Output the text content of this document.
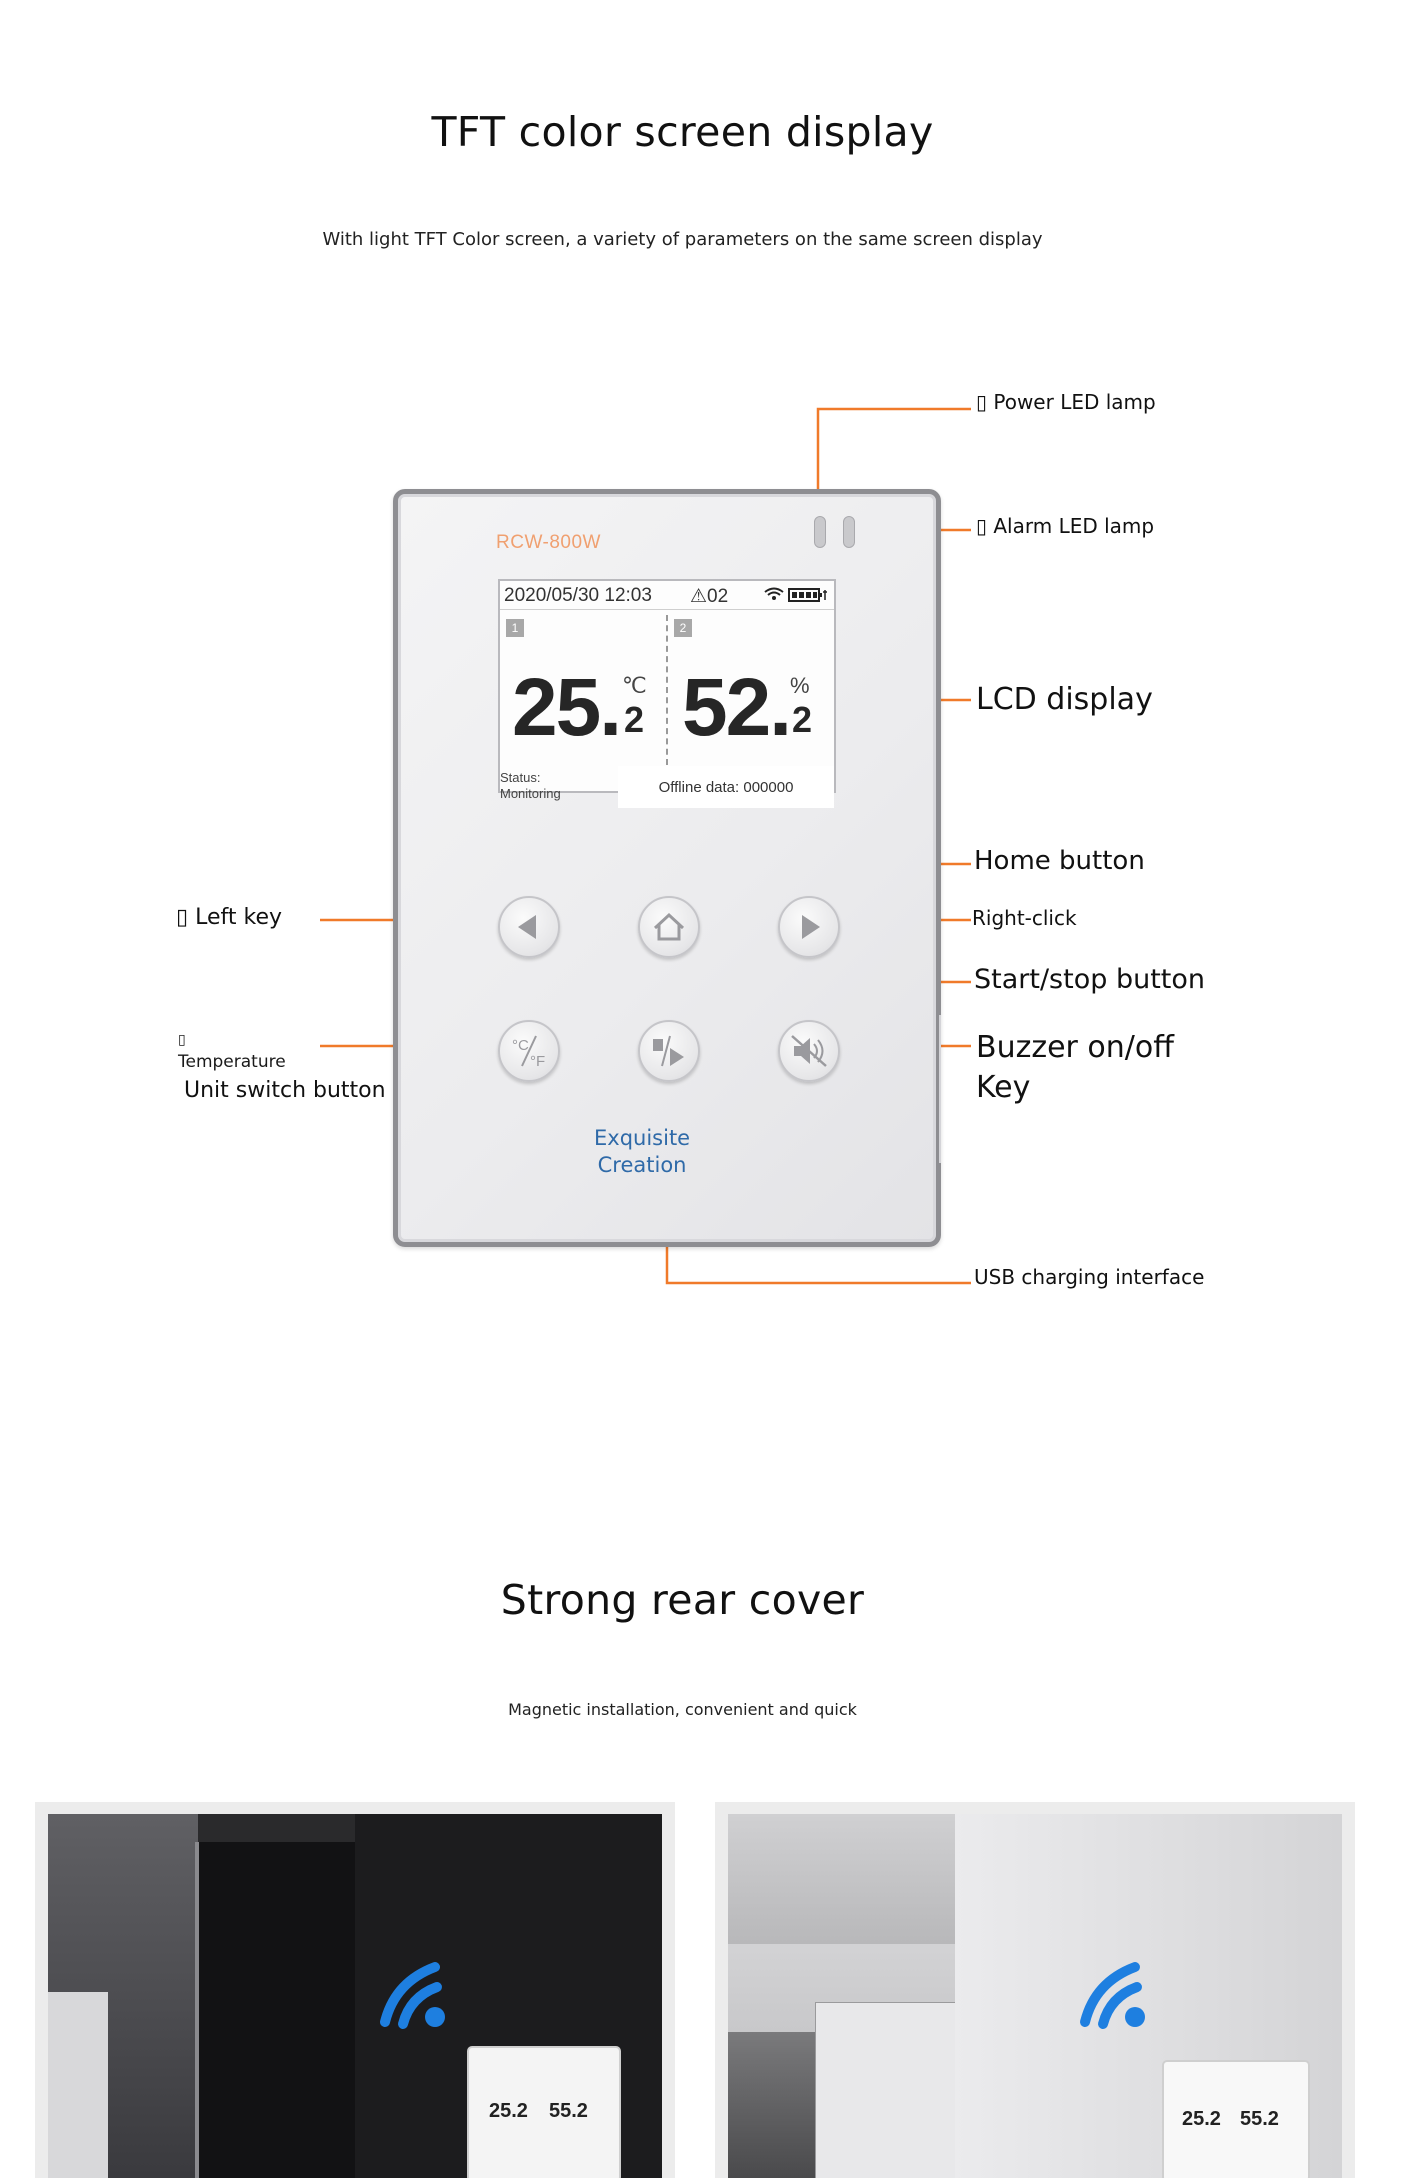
TFT color screen display
With light TFT Color screen, a variety of parameters on the same screen display
RCW-800W
2020/05/30 12:03 ⚠02
1	2
25. ℃
2 52. %
2
Status:
Monitoring	Offline data: 000000
°C
°F
Exquisite
Creation
▯ Power LED lamp
▯ Alarm LED lamp
LCD display
Home button
Right-click
Start/stop button
Buzzer on/off
Key
USB charging interface
▯ Left key
▯
Temperature
Unit switch button
Strong rear cover
Magnetic installation, convenient and quick
25.2 55.2	25.2 55.2
